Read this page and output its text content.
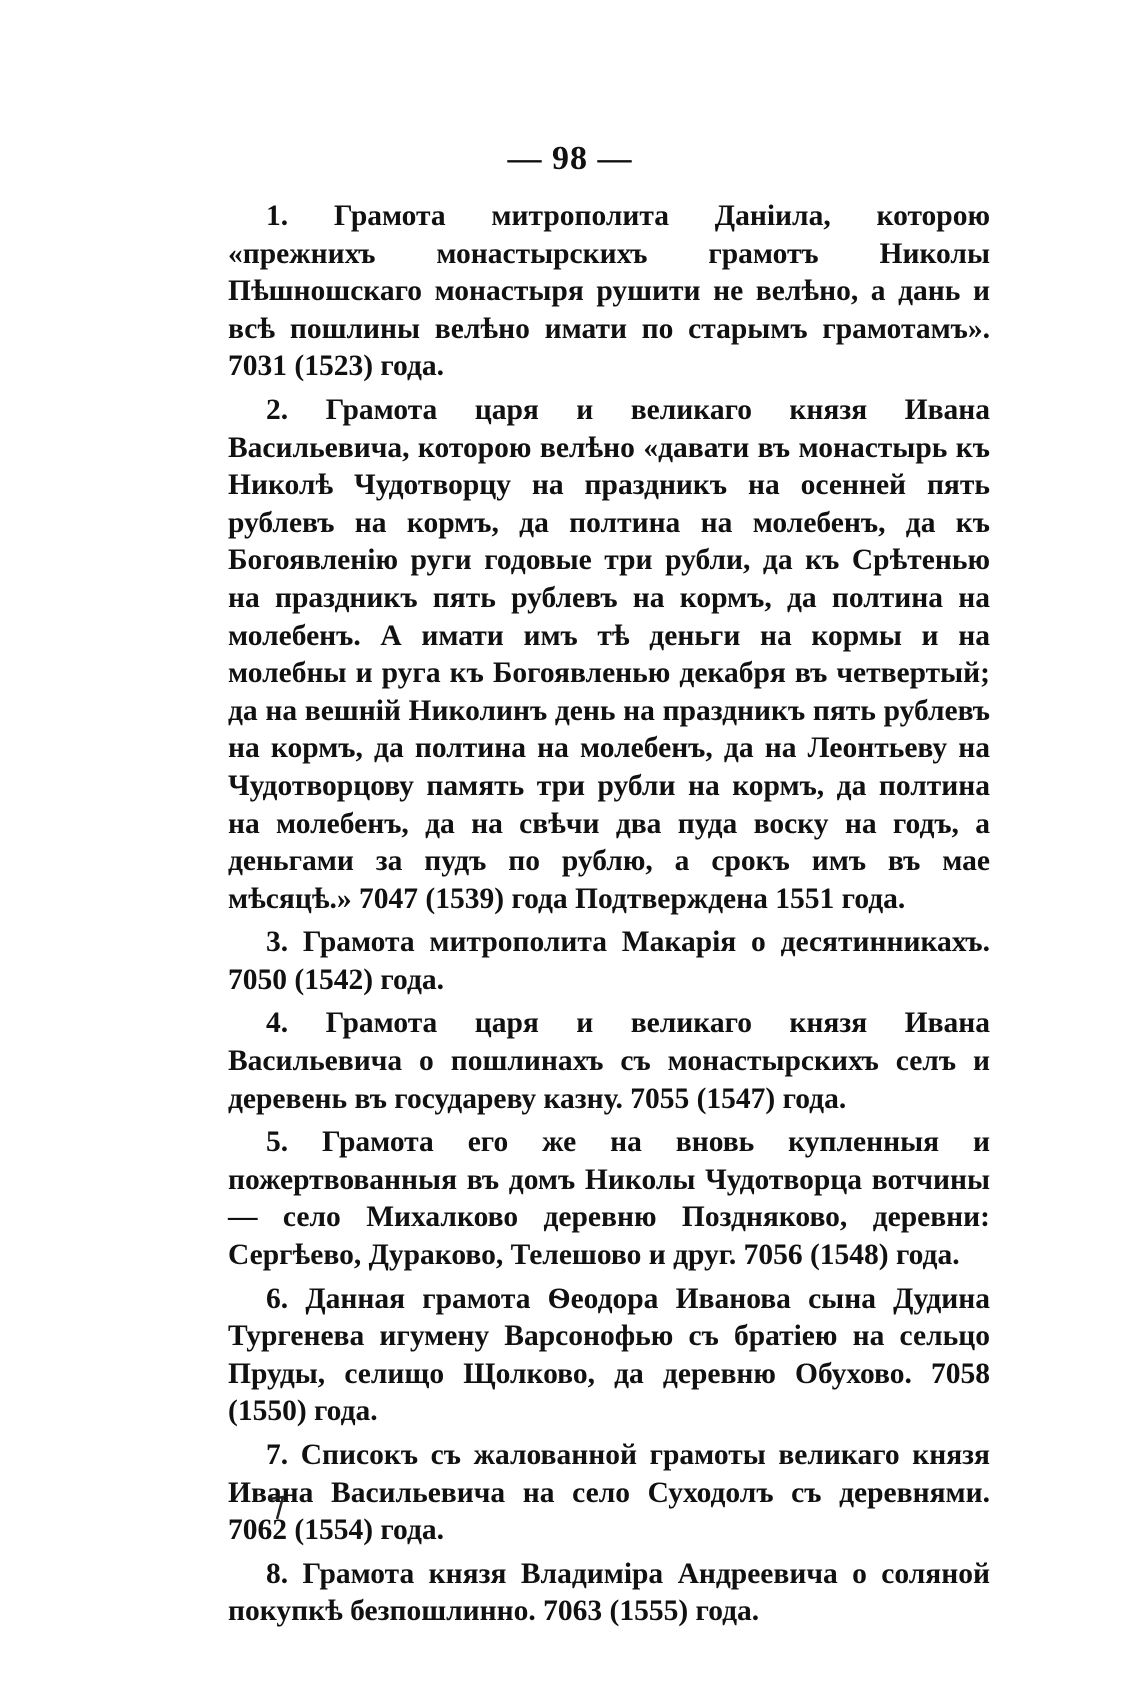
— 98 —

1. Грамота митрополита Даніила, которою «прежнихъ монастырскихъ грамотъ Николы Пѣшношскаго монастыря рушити не велѣно, а дань и всѣ пошлины велѣно имати по старымъ грамотамъ». 7031 (1523) года.

2. Грамота царя и великаго князя Ивана Васильевича, которою велѣно «давати въ монастырь къ Николѣ Чудотворцу на праздникъ на осенней пять рублевъ на кормъ, да полтина на молебенъ, да къ Богоявленію руги годовые три рубли, да къ Срѣтенью на праздникъ пять рублевъ на кормъ, да полтина на молебенъ. А имати имъ тѣ деньги на кормы и на молебны и руга къ Богоявленью декабря въ четвертый; да на вешній Николинъ день на праздникъ пять рублевъ на кормъ, да полтина на молебенъ, да на Леонтьеву на Чудотворцову память три рубли на кормъ, да полтина на молебенъ, да на свѣчи два пуда воску на годъ, а деньгами за пудъ по рублю, а срокъ имъ въ мае мѣсяцѣ.» 7047 (1539) года Подтверждена 1551 года.

3. Грамота митрополита Макарія о десятинникахъ. 7050 (1542) года.

4. Грамота царя и великаго князя Ивана Васильевича о пошлинахъ съ монастырскихъ селъ и деревень въ государеву казну. 7055 (1547) года.

5. Грамота его же на вновь купленныя и пожертвованныя въ домъ Николы Чудотворца вотчины — село Михалково деревню Поздняково, деревни: Сергѣево, Дураково, Телешово и друг. 7056 (1548) года.

6. Данная грамота Ѳеодора Иванова сына Дудина Тургенева игумену Варсонофью съ братіею на сельцо Пруды, селищо Щолково, да деревню Обухово. 7058 (1550) года.

7. Списокъ съ жалованной грамоты великаго князя Ивана Васильевича на село Суходолъ съ деревнями. 7062 (1554) года.

8. Грамота князя Владиміра Андреевича о соляной покупкѣ безпошлинно. 7063 (1555) года.
